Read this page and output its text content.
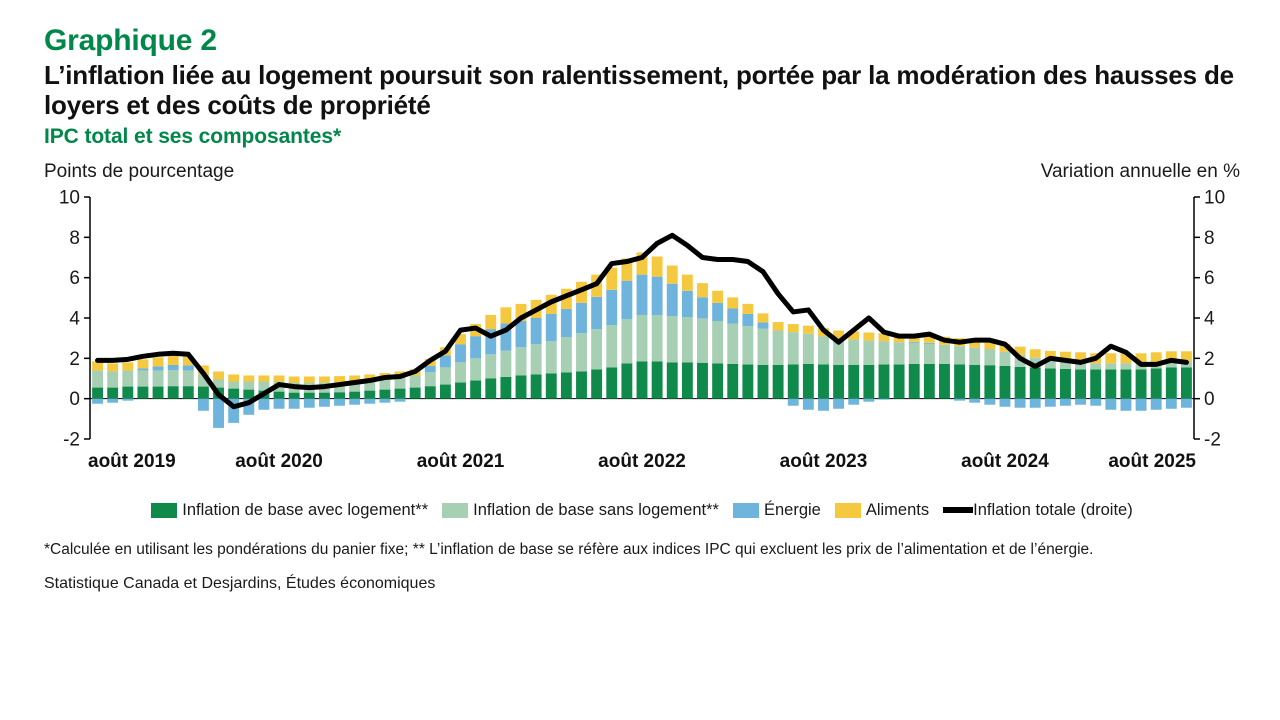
Graphique 2
L’inflation liée au logement poursuit son ralentissement, portée par la modération des hausses de loyers et des coûts de propriété
IPC total et ses composantes*
Points de pourcentage	Variation annuelle en %
-2	-2
0	0
2	2
4	4
6	6
8	8
10	10
août 2019	août 2020	août 2021	août 2022	août 2023	août 2024	août 2025
Inflation de base avec logement**	Inflation de base sans logement**	Énergie	Aliments	Inflation totale (droite)
*Calculée en utilisant les pondérations du panier fixe; ** L’inflation de base se réfère aux indices IPC qui excluent les prix de l’alimentation et de l’énergie.
Statistique Canada et Desjardins, Études économiques
